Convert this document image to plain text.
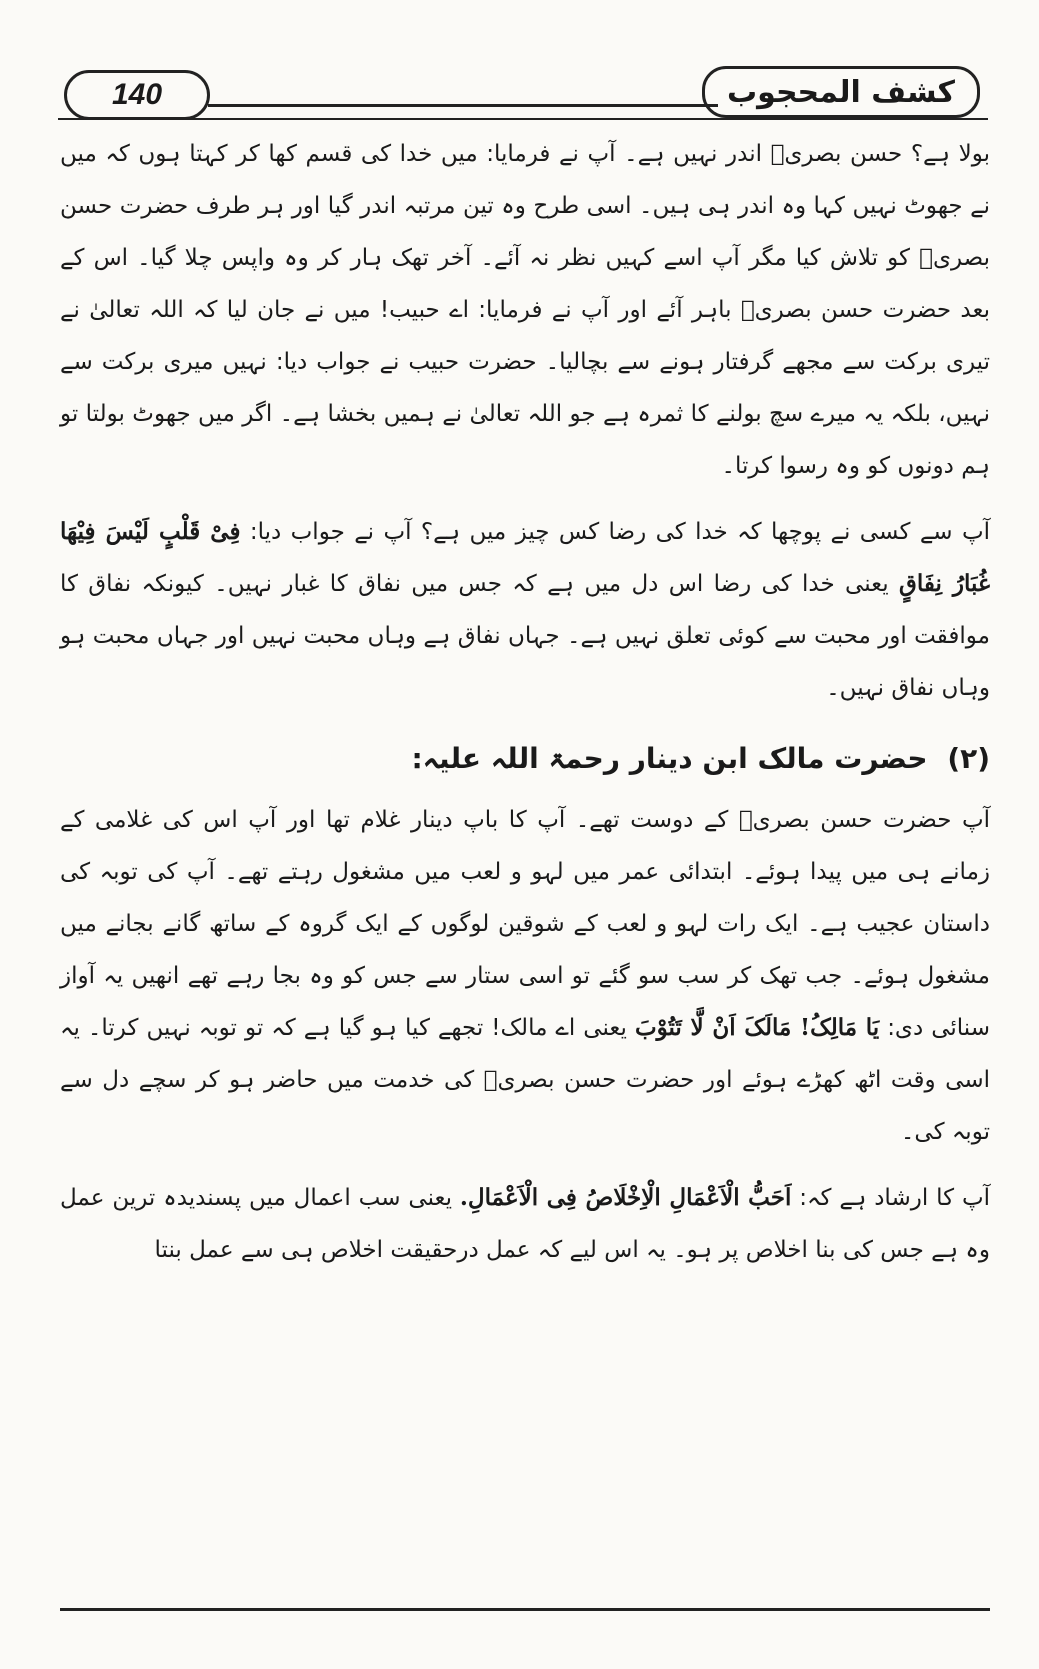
140	کشف المحجوب

بولا ہے؟ حسن بصریؒ اندر نہیں ہے۔ آپ نے فرمایا: میں خدا کی قسم کھا کر کہتا ہوں کہ میں نے جھوٹ نہیں کہا وہ اندر ہی ہیں۔ اسی طرح وہ تین مرتبہ اندر گیا اور ہر طرف حضرت حسن بصریؒ کو تلاش کیا مگر آپ اسے کہیں نظر نہ آئے۔ آخر تھک ہار کر وہ واپس چلا گیا۔ اس کے بعد حضرت حسن بصریؒ باہر آئے اور آپ نے فرمایا: اے حبیب! میں نے جان لیا کہ اللہ تعالیٰ نے تیری برکت سے مجھے گرفتار ہونے سے بچالیا۔ حضرت حبیب نے جواب دیا: نہیں میری برکت سے نہیں، بلکہ یہ میرے سچ بولنے کا ثمرہ ہے جو اللہ تعالیٰ نے ہمیں بخشا ہے۔ اگر میں جھوٹ بولتا تو ہم دونوں کو وہ رسوا کرتا۔

آپ سے کسی نے پوچھا کہ خدا کی رضا کس چیز میں ہے؟ آپ نے جواب دیا: فِیْ قَلْبٍ لَیْسَ فِیْھَا غُبَارُ نِفَاقٍ یعنی خدا کی رضا اس دل میں ہے کہ جس میں نفاق کا غبار نہیں۔ کیونکہ نفاق کا موافقت اور محبت سے کوئی تعلق نہیں ہے۔ جہاں نفاق ہے وہاں محبت نہیں اور جہاں محبت ہو وہاں نفاق نہیں۔

(۲) حضرت مالک ابن دینار رحمۃ اللہ علیہ:

آپ حضرت حسن بصریؒ کے دوست تھے۔ آپ کا باپ دینار غلام تھا اور آپ اس کی غلامی کے زمانے ہی میں پیدا ہوئے۔ ابتدائی عمر میں لہو و لعب میں مشغول رہتے تھے۔ آپ کی توبہ کی داستان عجیب ہے۔ ایک رات لہو و لعب کے شوقین لوگوں کے ایک گروہ کے ساتھ گانے بجانے میں مشغول ہوئے۔ جب تھک کر سب سو گئے تو اسی ستار سے جس کو وہ بجا رہے تھے انھیں یہ آواز سنائی دی: یَا مَالِکُ! مَالَکَ اَنْ لَّا تَتُوْبَ یعنی اے مالک! تجھے کیا ہو گیا ہے کہ تو توبہ نہیں کرتا۔ یہ اسی وقت اٹھ کھڑے ہوئے اور حضرت حسن بصریؒ کی خدمت میں حاضر ہو کر سچے دل سے توبہ کی۔

آپ کا ارشاد ہے کہ: اَحَبُّ الْاَعْمَالِ الْاِخْلَاصُ فِی الْاَعْمَالِ. یعنی سب اعمال میں پسندیدہ ترین عمل وہ ہے جس کی بنا اخلاص پر ہو۔ یہ اس لیے کہ عمل درحقیقت اخلاص ہی سے عمل بنتا
